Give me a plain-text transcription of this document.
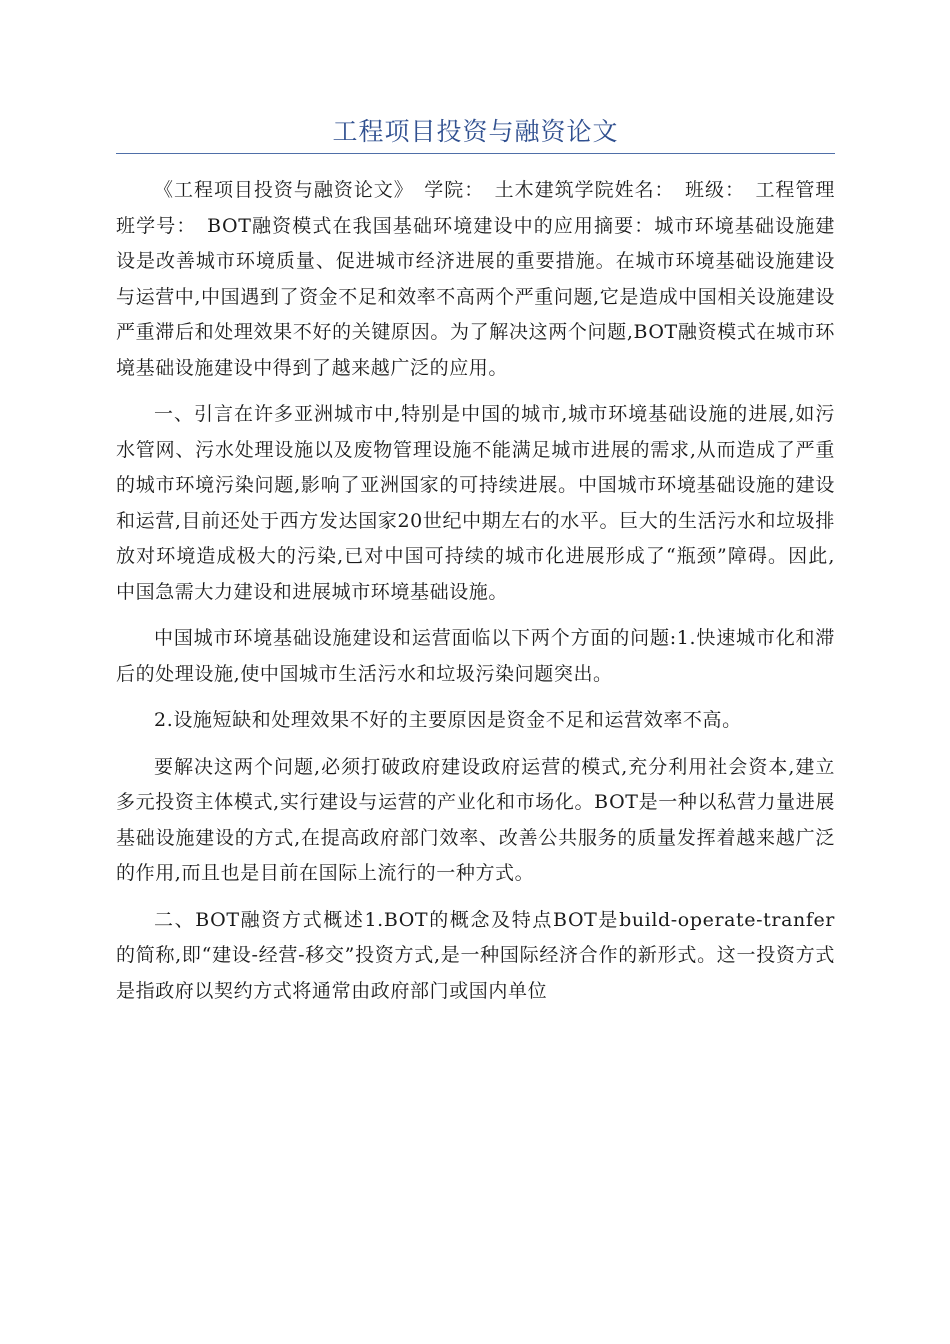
工程项目投资与融资论文

《工程项目投资与融资论文》　学院：　土木建筑学院姓名：　班级：　工程管理班学号：　BOT融资模式在我国基础环境建设中的应用摘要：城市环境基础设施建设是改善城市环境质量、促进城市经济进展的重要措施。在城市环境基础设施建设与运营中,中国遇到了资金不足和效率不高两个严重问题,它是造成中国相关设施建设严重滞后和处理效果不好的关键原因。为了解决这两个问题,BOT融资模式在城市环境基础设施建设中得到了越来越广泛的应用。

一、引言在许多亚洲城市中,特别是中国的城市,城市环境基础设施的进展,如污水管网、污水处理设施以及废物管理设施不能满足城市进展的需求,从而造成了严重的城市环境污染问题,影响了亚洲国家的可持续进展。中国城市环境基础设施的建设和运营,目前还处于西方发达国家20世纪中期左右的水平。巨大的生活污水和垃圾排放对环境造成极大的污染,已对中国可持续的城市化进展形成了“瓶颈”障碍。因此,中国急需大力建设和进展城市环境基础设施。

中国城市环境基础设施建设和运营面临以下两个方面的问题:1.快速城市化和滞后的处理设施,使中国城市生活污水和垃圾污染问题突出。

2.设施短缺和处理效果不好的主要原因是资金不足和运营效率不高。

要解决这两个问题,必须打破政府建设政府运营的模式,充分利用社会资本,建立多元投资主体模式,实行建设与运营的产业化和市场化。BOT是一种以私营力量进展基础设施建设的方式,在提高政府部门效率、改善公共服务的质量发挥着越来越广泛的作用,而且也是目前在国际上流行的一种方式。

二、BOT融资方式概述1.BOT的概念及特点BOT是build-operate-tranfer的简称,即“建设-经营-移交”投资方式,是一种国际经济合作的新形式。这一投资方式是指政府以契约方式将通常由政府部门或国内单位
